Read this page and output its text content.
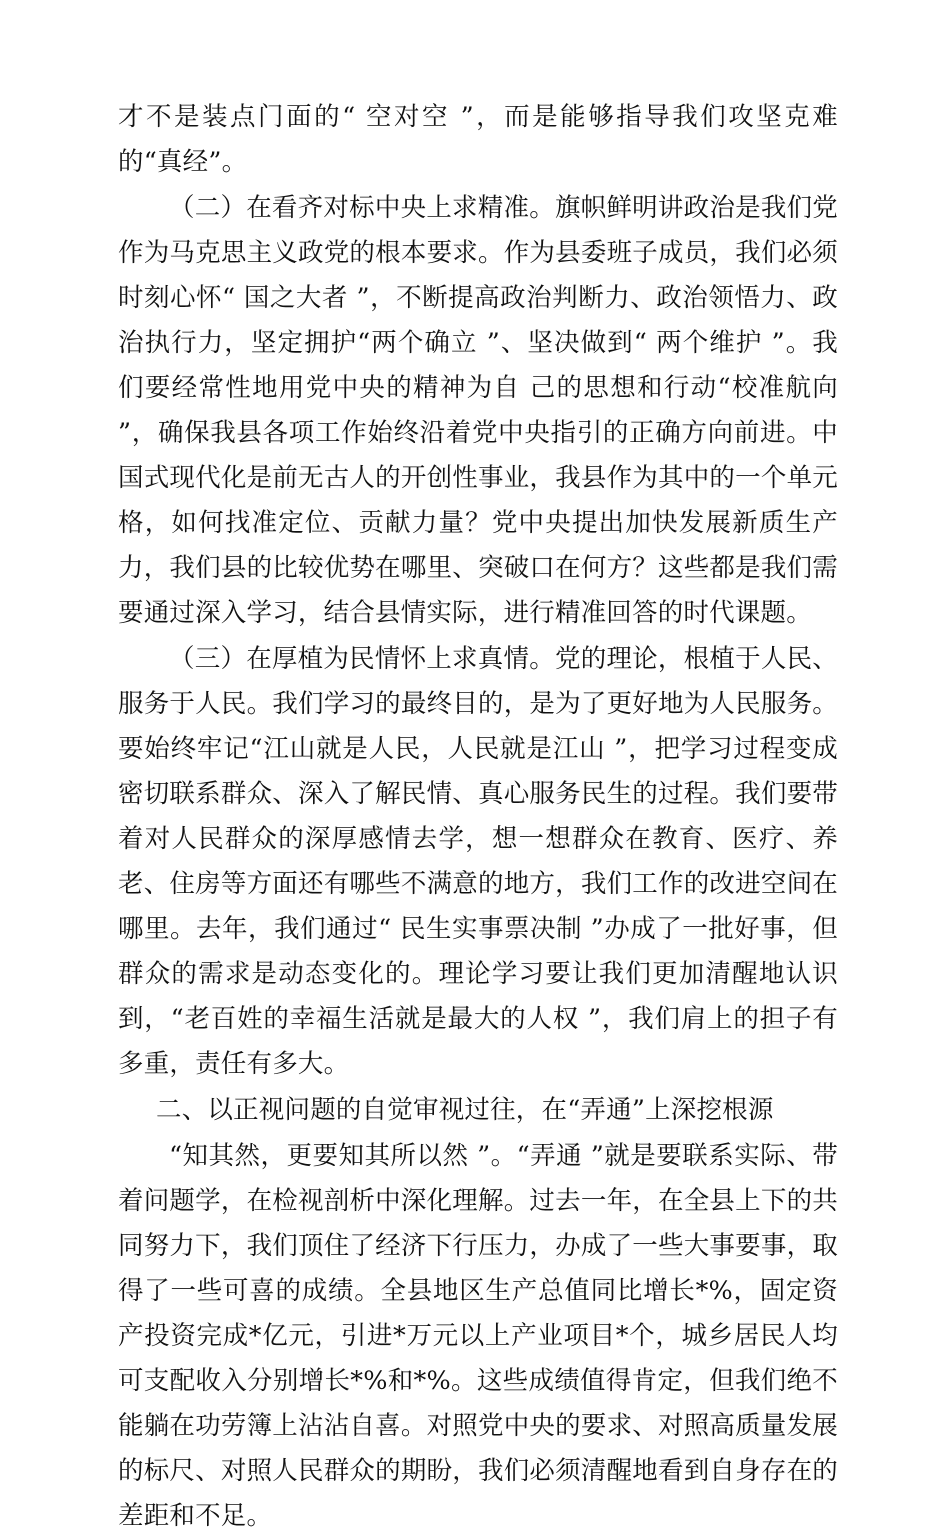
才不是装点门面的“ 空对空 ”，而是能够指导我们攻坚克难的“真经”。

（二）在看齐对标中央上求精准。旗帜鲜明讲政治是我们党作为马克思主义政党的根本要求。作为县委班子成员，我们必须时刻心怀“ 国之大者 ”，不断提高政治判断力、政治领悟力、政治执行力，坚定拥护“两个确立 ”、坚决做到“ 两个维护 ”。我们要经常性地用党中央的精神为自 己的思想和行动“校准航向 ”，确保我县各项工作始终沿着党中央指引的正确方向前进。中国式现代化是前无古人的开创性事业，我县作为其中的一个单元格，如何找准定位、贡献力量？党中央提出加快发展新质生产力，我们县的比较优势在哪里、突破口在何方？这些都是我们需要通过深入学习，结合县情实际，进行精准回答的时代课题。

（三）在厚植为民情怀上求真情。党的理论，根植于人民、服务于人民。我们学习的最终目的，是为了更好地为人民服务。要始终牢记“江山就是人民，人民就是江山 ”，把学习过程变成密切联系群众、深入了解民情、真心服务民生的过程。我们要带着对人民群众的深厚感情去学，想一想群众在教育、医疗、养老、住房等方面还有哪些不满意的地方，我们工作的改进空间在哪里。去年，我们通过“ 民生实事票决制 ”办成了一批好事，但群众的需求是动态变化的。理论学习要让我们更加清醒地认识到，“老百姓的幸福生活就是最大的人权 ”，我们肩上的担子有多重，责任有多大。

二、以正视问题的自觉审视过往，在“弄通”上深挖根源

“知其然，更要知其所以然 ”。“弄通 ”就是要联系实际、带着问题学，在检视剖析中深化理解。过去一年，在全县上下的共同努力下，我们顶住了经济下行压力，办成了一些大事要事，取得了一些可喜的成绩。全县地区生产总值同比增长*%，固定资产投资完成*亿元，引进*万元以上产业项目*个，城乡居民人均可支配收入分别增长*%和*%。这些成绩值得肯定，但我们绝不能躺在功劳簿上沾沾自喜。对照党中央的要求、对照高质量发展的标尺、对照人民群众的期盼，我们必须清醒地看到自身存在的差距和不足。
